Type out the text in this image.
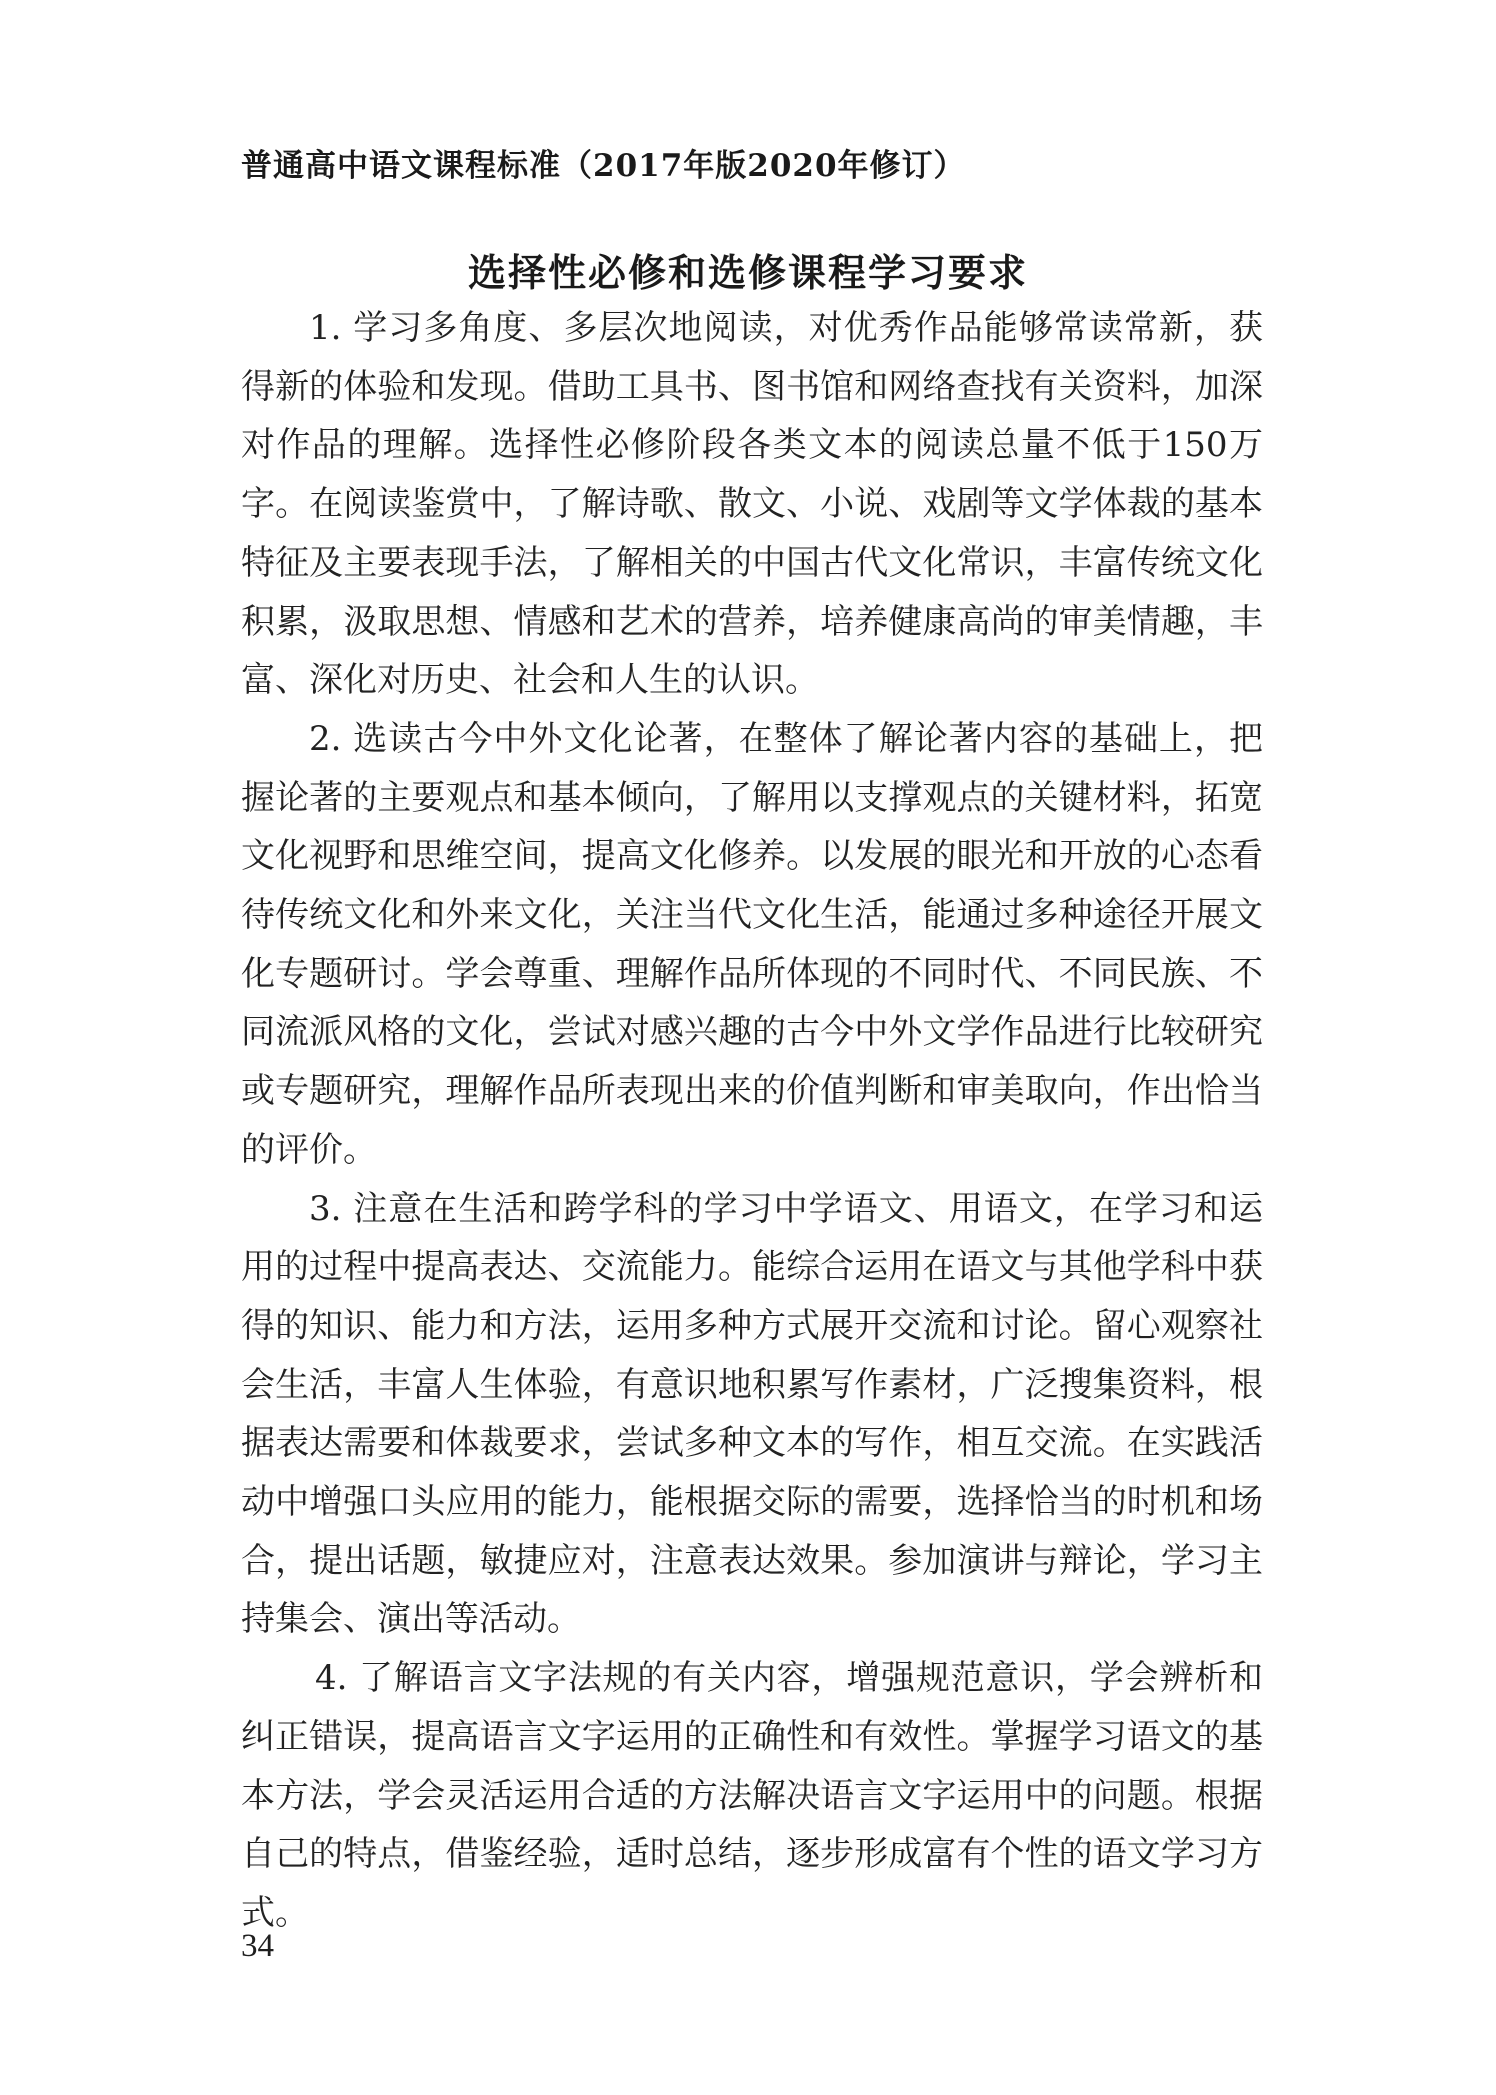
普通高中语文课程标准（2017年版2020年修订）
选择性必修和选修课程学习要求

1. 学习多角度、多层次地阅读，对优秀作品能够常读常新，获得新的体验和发现。借助工具书、图书馆和网络查找有关资料，加深对作品的理解。选择性必修阶段各类文本的阅读总量不低于150万字。在阅读鉴赏中，了解诗歌、散文、小说、戏剧等文学体裁的基本特征及主要表现手法，了解相关的中国古代文化常识，丰富传统文化积累，汲取思想、情感和艺术的营养，培养健康高尚的审美情趣，丰富、深化对历史、社会和人生的认识。

2. 选读古今中外文化论著，在整体了解论著内容的基础上，把握论著的主要观点和基本倾向，了解用以支撑观点的关键材料，拓宽文化视野和思维空间，提高文化修养。以发展的眼光和开放的心态看待传统文化和外来文化，关注当代文化生活，能通过多种途径开展文化专题研讨。学会尊重、理解作品所体现的不同时代、不同民族、不同流派风格的文化，尝试对感兴趣的古今中外文学作品进行比较研究或专题研究，理解作品所表现出来的价值判断和审美取向，作出恰当的评价。

3. 注意在生活和跨学科的学习中学语文、用语文，在学习和运用的过程中提高表达、交流能力。能综合运用在语文与其他学科中获得的知识、能力和方法，运用多种方式展开交流和讨论。留心观察社会生活，丰富人生体验，有意识地积累写作素材，广泛搜集资料，根据表达需要和体裁要求，尝试多种文本的写作，相互交流。在实践活动中增强口头应用的能力，能根据交际的需要，选择恰当的时机和场合，提出话题，敏捷应对，注意表达效果。参加演讲与辩论，学习主持集会、演出等活动。

4. 了解语言文字法规的有关内容，增强规范意识，学会辨析和纠正错误，提高语言文字运用的正确性和有效性。掌握学习语文的基本方法，学会灵活运用合适的方法解决语言文字运用中的问题。根据自己的特点，借鉴经验，适时总结，逐步形成富有个性的语文学习方式。

34
